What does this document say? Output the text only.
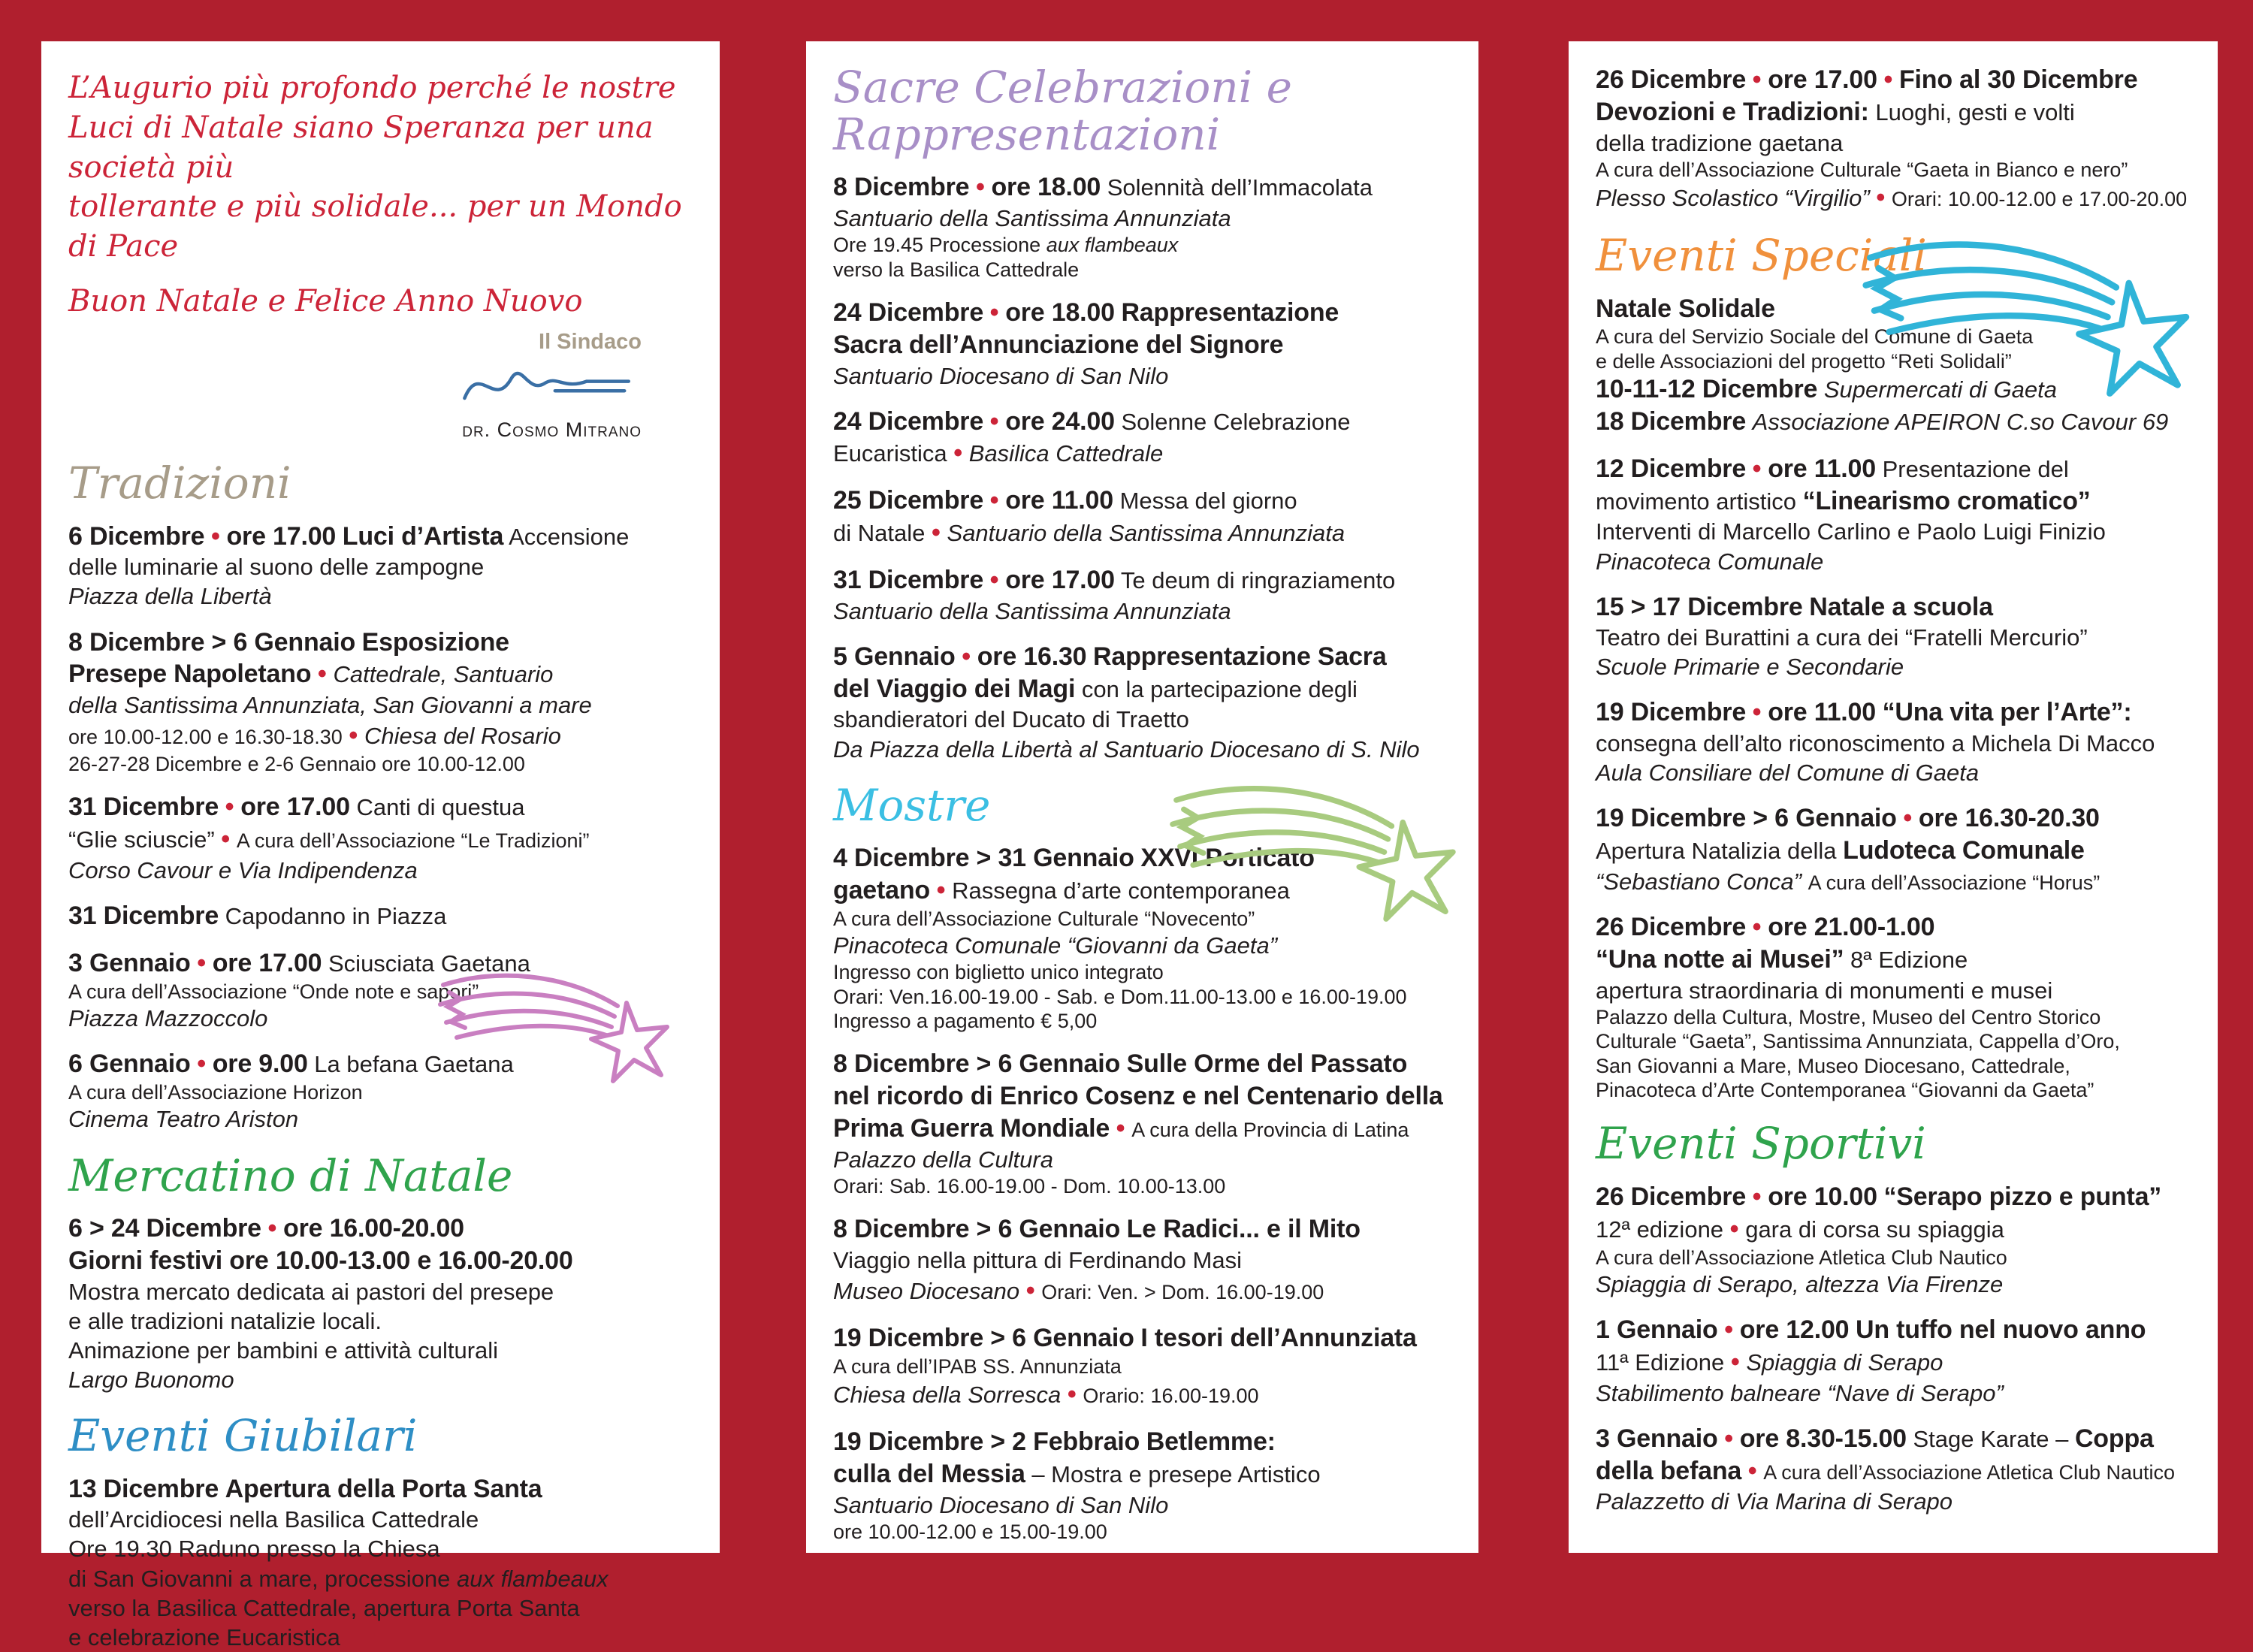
L’Augurio più profondo perché le nostre
Luci di Natale siano Speranza per una società più
tollerante e più solidale... per un Mondo di Pace
Buon Natale e Felice Anno Nuovo
Il Sindaco
dr. Cosmo Mitrano
Tradizioni
6 Dicembre • ore 17.00 Luci d’Artista Accensione
delle luminarie al suono delle zampogne
Piazza della Libertà
8 Dicembre > 6 Gennaio Esposizione
Presepe Napoletano • Cattedrale, Santuario
della Santissima Annunziata, San Giovanni a mare
ore 10.00-12.00 e 16.30-18.30 • Chiesa del Rosario
26-27-28 Dicembre e 2-6 Gennaio ore 10.00-12.00
31 Dicembre • ore 17.00 Canti di questua
“Glie sciuscie” • A cura dell’Associazione “Le Tradizioni”
Corso Cavour e Via Indipendenza
31 Dicembre Capodanno in Piazza
3 Gennaio • ore 17.00 Sciusciata Gaetana
A cura dell’Associazione “Onde note e sapori”
Piazza Mazzoccolo
6 Gennaio • ore 9.00 La befana Gaetana
A cura dell’Associazione Horizon
Cinema Teatro Ariston
Mercatino di Natale
6 > 24 Dicembre • ore 16.00-20.00
Giorni festivi ore 10.00-13.00 e 16.00-20.00
Mostra mercato dedicata ai pastori del presepe
e alle tradizioni natalizie locali.
Animazione per bambini e attività culturali
Largo Buonomo
Eventi Giubilari
13 Dicembre Apertura della Porta Santa
dell’Arcidiocesi nella Basilica Cattedrale
Ore 19.30 Raduno presso la Chiesa
di San Giovanni a mare, processione aux flambeaux
verso la Basilica Cattedrale, apertura Porta Santa
e celebrazione Eucaristica
Sacre Celebrazioni e
Rappresentazioni
8 Dicembre • ore 18.00 Solennità dell’Immacolata
Santuario della Santissima Annunziata
Ore 19.45 Processione aux flambeaux
verso la Basilica Cattedrale
24 Dicembre • ore 18.00 Rappresentazione
Sacra dell’Annunciazione del Signore
Santuario Diocesano di San Nilo
24 Dicembre • ore 24.00 Solenne Celebrazione
Eucaristica • Basilica Cattedrale
25 Dicembre • ore 11.00 Messa del giorno
di Natale • Santuario della Santissima Annunziata
31 Dicembre • ore 17.00 Te deum di ringraziamento
Santuario della Santissima Annunziata
5 Gennaio • ore 16.30 Rappresentazione Sacra
del Viaggio dei Magi con la partecipazione degli
sbandieratori del Ducato di Traetto
Da Piazza della Libertà al Santuario Diocesano di S. Nilo
Mostre
4 Dicembre > 31 Gennaio XXVI Porticato
gaetano • Rassegna d’arte contemporanea
A cura dell’Associazione Culturale “Novecento”
Pinacoteca Comunale “Giovanni da Gaeta”
Ingresso con biglietto unico integrato
Orari: Ven.16.00-19.00 - Sab. e Dom.11.00-13.00 e 16.00-19.00
Ingresso a pagamento € 5,00
8 Dicembre > 6 Gennaio Sulle Orme del Passato
nel ricordo di Enrico Cosenz e nel Centenario della
Prima Guerra Mondiale • A cura della Provincia di Latina
Palazzo della Cultura
Orari: Sab. 16.00-19.00 - Dom. 10.00-13.00
8 Dicembre > 6 Gennaio Le Radici... e il Mito
Viaggio nella pittura di Ferdinando Masi
Museo Diocesano • Orari: Ven. > Dom. 16.00-19.00
19 Dicembre > 6 Gennaio I tesori dell’Annunziata
A cura dell’IPAB SS. Annunziata
Chiesa della Sorresca • Orario: 16.00-19.00
19 Dicembre > 2 Febbraio Betlemme:
culla del Messia – Mostra e presepe Artistico
Santuario Diocesano di San Nilo
ore 10.00-12.00 e 15.00-19.00
26 Dicembre • ore 17.00 • Fino al 30 Dicembre
Devozioni e Tradizioni: Luoghi, gesti e volti
della tradizione gaetana
A cura dell’Associazione Culturale “Gaeta in Bianco e nero”
Plesso Scolastico “Virgilio” • Orari: 10.00-12.00 e 17.00-20.00
Eventi Speciali
Natale Solidale
A cura del Servizio Sociale del Comune di Gaeta
e delle Associazioni del progetto “Reti Solidali”
10-11-12 Dicembre Supermercati di Gaeta
18 Dicembre Associazione APEIRON C.so Cavour 69
12 Dicembre • ore 11.00 Presentazione del
movimento artistico “Linearismo cromatico”
Interventi di Marcello Carlino e Paolo Luigi Finizio
Pinacoteca Comunale
15 > 17 Dicembre Natale a scuola
Teatro dei Burattini a cura dei “Fratelli Mercurio”
Scuole Primarie e Secondarie
19 Dicembre • ore 11.00 “Una vita per l’Arte”:
consegna dell’alto riconoscimento a Michela Di Macco
Aula Consiliare del Comune di Gaeta
19 Dicembre > 6 Gennaio • ore 16.30-20.30
Apertura Natalizia della Ludoteca Comunale
“Sebastiano Conca” A cura dell’Associazione “Horus”
26 Dicembre • ore 21.00-1.00
“Una notte ai Musei” 8ª Edizione
apertura straordinaria di monumenti e musei
Palazzo della Cultura, Mostre, Museo del Centro Storico
Culturale “Gaeta”, Santissima Annunziata, Cappella d’Oro,
San Giovanni a Mare, Museo Diocesano, Cattedrale,
Pinacoteca d’Arte Contemporanea “Giovanni da Gaeta”
Eventi Sportivi
26 Dicembre • ore 10.00 “Serapo pizzo e punta”
12ª edizione • gara di corsa su spiaggia
A cura dell’Associazione Atletica Club Nautico
Spiaggia di Serapo, altezza Via Firenze
1 Gennaio • ore 12.00 Un tuffo nel nuovo anno
11ª Edizione • Spiaggia di Serapo
Stabilimento balneare “Nave di Serapo”
3 Gennaio • ore 8.30-15.00 Stage Karate – Coppa
della befana • A cura dell’Associazione Atletica Club Nautico
Palazzetto di Via Marina di Serapo
